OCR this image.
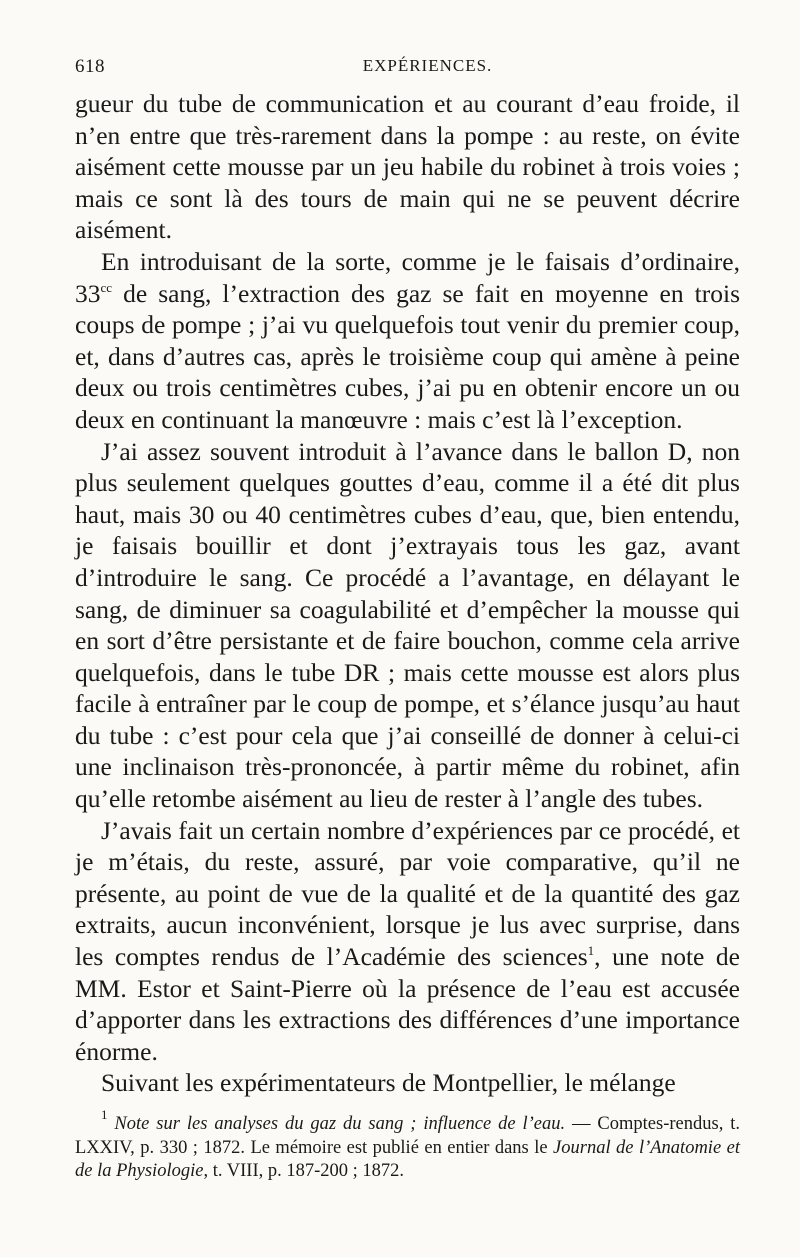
618	EXPÉRIENCES.

gueur du tube de communication et au courant d’eau froide, il n’en entre que très-rarement dans la pompe : au reste, on évite aisément cette mousse par un jeu habile du robinet à trois voies ; mais ce sont là des tours de main qui ne se peuvent décrire aisément.

En introduisant de la sorte, comme je le faisais d’ordinaire, $33^{cc}$ de sang, l’extraction des gaz se fait en moyenne en trois coups de pompe ; j’ai vu quelquefois tout venir du premier coup, et, dans d’autres cas, après le troisième coup qui amène à peine deux ou trois centimètres cubes, j’ai pu en obtenir encore un ou deux en continuant la manœuvre : mais c’est là l’exception.

J’ai assez souvent introduit à l’avance dans le ballon D, non plus seulement quelques gouttes d’eau, comme il a été dit plus haut, mais 30 ou 40 centimètres cubes d’eau, que, bien entendu, je faisais bouillir et dont j’extrayais tous les gaz, avant d’introduire le sang. Ce procédé a l’avantage, en délayant le sang, de diminuer sa coagulabilité et d’empêcher la mousse qui en sort d’être persistante et de faire bouchon, comme cela arrive quelquefois, dans le tube DR ; mais cette mousse est alors plus facile à entraîner par le coup de pompe, et s’élance jusqu’au haut du tube : c’est pour cela que j’ai conseillé de donner à celui-ci une inclinaison très-prononcée, à partir même du robinet, afin qu’elle retombe aisément au lieu de rester à l’angle des tubes.

J’avais fait un certain nombre d’expériences par ce procédé, et je m’étais, du reste, assuré, par voie comparative, qu’il ne présente, au point de vue de la qualité et de la quantité des gaz extraits, aucun inconvénient, lorsque je lus avec surprise, dans les comptes rendus de l’Académie des sciences$^1$, une note de MM. Estor et Saint-Pierre où la présence de l’eau est accusée d’apporter dans les extractions des différences d’une importance énorme.

Suivant les expérimentateurs de Montpellier, le mélange

$^1$ Note sur les analyses du gaz du sang ; influence de l’eau. — Comptes-rendus, t. LXXIV, p. 330 ; 1872. Le mémoire est publié en entier dans le Journal de l’Anatomie et de la Physiologie, t. VIII, p. 187-200 ; 1872.
